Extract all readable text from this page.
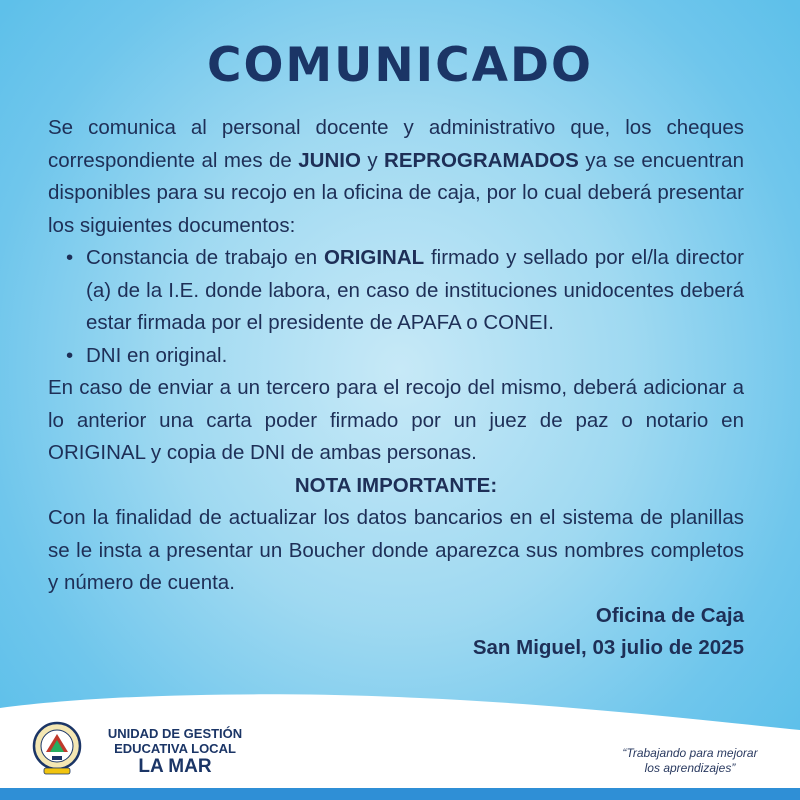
COMUNICADO

Se comunica al personal docente y administrativo que, los cheques correspondiente al mes de JUNIO y REPROGRAMADOS ya se encuentran disponibles para su recojo en la oficina de caja, por lo cual deberá presentar los siguientes documentos:

• Constancia de trabajo en ORIGINAL firmado y sellado por el/la director (a) de la I.E. donde labora, en caso de instituciones unidocentes deberá estar firmada por el presidente de APAFA o CONEI.
• DNI en original.

En caso de enviar a un tercero para el recojo del mismo, deberá adicionar a lo anterior una carta poder firmado por un juez de paz o notario en ORIGINAL y copia de DNI de ambas personas.

NOTA IMPORTANTE:

Con la finalidad de actualizar los datos bancarios en el sistema de planillas se le insta a presentar un Boucher donde aparezca sus nombres completos y número de cuenta.

Oficina de Caja

San Miguel, 03 julio de 2025

UNIDAD DE GESTIÓN
EDUCATIVA LOCAL
LA MAR
“Trabajando para mejorar
los aprendizajes”
